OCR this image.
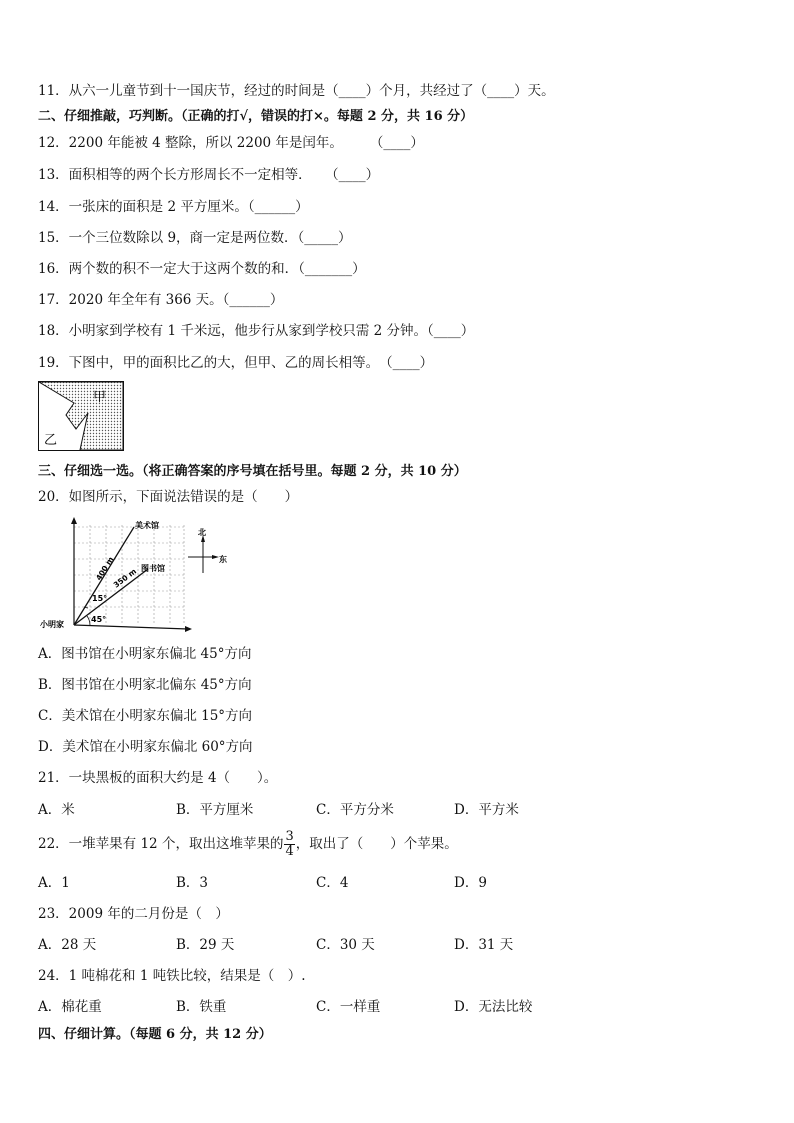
11．从六一儿童节到十一国庆节，经过的时间是（____）个月，共经过了（____）天。
二、仔细推敲，巧判断。（正确的打√，错误的打×。每题 2 分，共 16 分）
12．2200 年能被 4 整除，所以 2200 年是闰年。　　　（____）
13．面积相等的两个长方形周长不一定相等．　　（____）
14．一张床的面积是 2 平方厘米。（______）
15．一个三位数除以 9，商一定是两位数．（_____）
16．两个数的积不一定大于这两个数的和．（_______）
17．2020 年全年有 366 天。（______）
18．小明家到学校有 1 千米远，他步行从家到学校只需 2 分钟。（____）
19．下图中，甲的面积比乙的大，但甲、乙的周长相等。　（____）
甲
乙
三、仔细选一选。（将正确答案的序号填在括号里。每题 2 分，共 10 分）
20．如图所示，下面说法错误的是（　　）
美术馆
图书馆
小明家
400 m
350 m
15°
45°
北
东
A．图书馆在小明家东偏北 45°方向
B．图书馆在小明家北偏东 45°方向
C．美术馆在小明家东偏北 15°方向
D．美术馆在小明家东偏北 60°方向
21．一块黑板的面积大约是 4（　　）。
A．米	B．平方厘米	C．平方分米	D．平方米
22．一堆苹果有 12 个，取出这堆苹果的 $\frac{3}{4}$ ，取出了（　　）个苹果。
A．1	B．3	C．4	D．9
23．2009 年的二月份是（　）
A．28 天	B．29 天	C．30 天	D．31 天
24．1 吨棉花和 1 吨铁比较，结果是（　）.
A．棉花重	B．铁重	C．一样重	D．无法比较
四、仔细计算。（每题 6 分，共 12 分）
